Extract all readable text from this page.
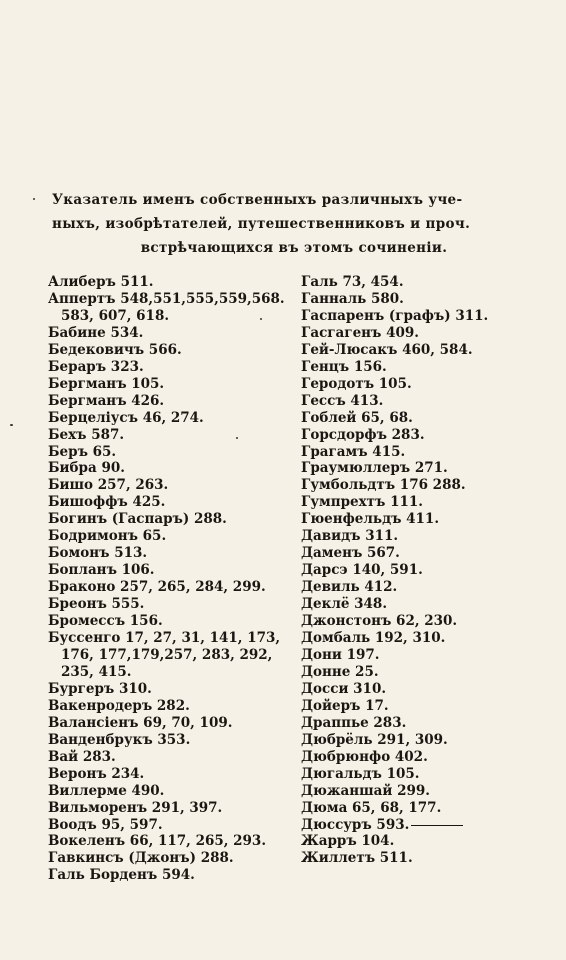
Указатель именъ собственныхъ различныхъ уче-
ныхъ, изобрѣтателей, путешественниковъ и проч.
встрѣчающихся въ этомъ сочиненіи.
Алиберъ 511.
Аппертъ 548,551,555,559,568.
583, 607, 618.
Бабине 534.
Бедековичъ 566.
Бераръ 323.
Бергманъ 105.
Бергманъ 426.
Берцеліусъ 46, 274.
Бехъ 587.
Беръ 65.
Бибра 90.
Бишо 257, 263.
Бишоффъ 425.
Богинъ (Гаспаръ) 288.
Бодримонъ 65.
Бомонъ 513.
Бопланъ 106.
Браконо 257, 265, 284, 299.
Бреонъ 555.
Бромессъ 156.
Буссенго 17, 27, 31, 141, 173,
176, 177,179,257, 283, 292,
235, 415.
Бургеръ 310.
Вакенродеръ 282.
Валансіенъ 69, 70, 109.
Ванденбрукъ 353.
Вай 283.
Веронъ 234.
Виллерме 490.
Вильморенъ 291, 397.
Воодъ 95, 597.
Вокеленъ 66, 117, 265, 293.
Гавкинсъ (Джонъ) 288.
Галь Борденъ 594.
Галь 73, 454.
Ганналь 580.
Гаспаренъ (графъ) 311.
Гасгагенъ 409.
Гей-Люсакъ 460, 584.
Генцъ 156.
Геродотъ 105.
Гессъ 413.
Гоблей 65, 68.
Горсдорфъ 283.
Грагамъ 415.
Граумюллеръ 271.
Гумбольдтъ 176 288.
Гумпрехтъ 111.
Гюенфельдъ 411.
Давидъ 311.
Даменъ 567.
Дарсэ 140, 591.
Девиль 412.
Деклё 348.
Джонстонъ 62, 230.
Домбаль 192, 310.
Дони 197.
Донне 25.
Досси 310.
Дойеръ 17.
Драппье 283.
Дюбрёль 291, 309.
Дюбрюнфо 402.
Дюгальдъ 105.
Дюжаншай 299.
Дюма 65, 68, 177.
Дюссуръ 593.
Жарръ 104.
Жиллетъ 511.
